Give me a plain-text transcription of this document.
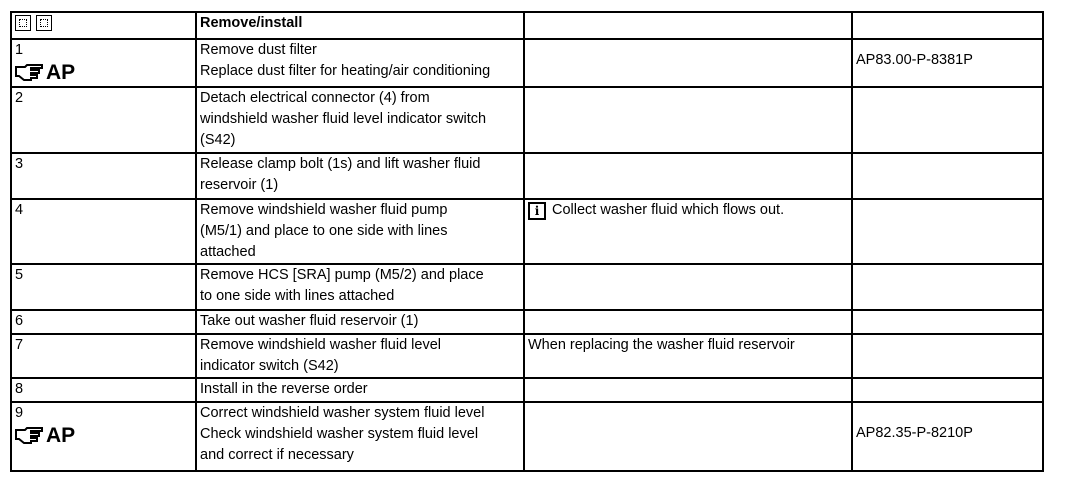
	Remove/install		

1
AP	Remove dust filter
Replace dust filter for heating/air conditioning		AP83.00-P-8381P

2	Detach electrical connector (4) from
windshield washer fluid level indicator switch
(S42)		

3	Release clamp bolt (1s) and lift washer fluid
reservoir (1)		

4	Remove windshield washer fluid pump
(M5/1) and place to one side with lines
attached	i Collect washer fluid which flows out.	

5	Remove HCS [SRA] pump (M5/2) and place
to one side with lines attached		

6	Take out washer fluid reservoir (1)		

7	Remove windshield washer fluid level
indicator switch (S42)	When replacing the washer fluid reservoir	

8	Install in the reverse order		

9
AP	Correct windshield washer system fluid level
Check windshield washer system fluid level
and correct if necessary		AP82.35-P-8210P
